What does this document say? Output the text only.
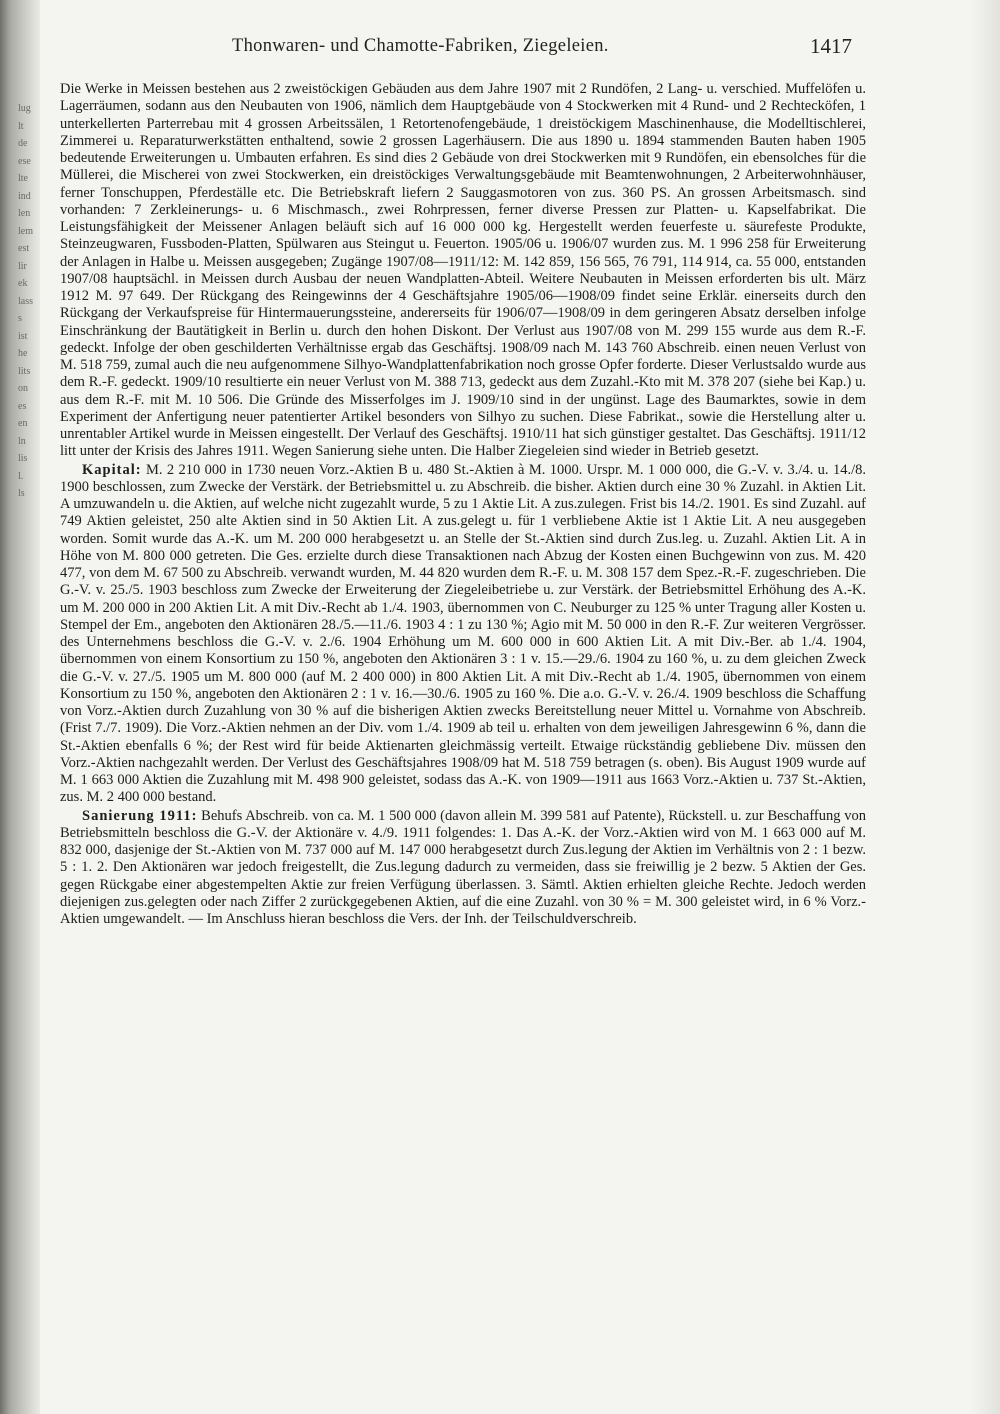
lug
lt
de
ese
lte
ind
len
lem
est
lir
ek
lass
s
ist
he
lits
on
es
en
ln
lis
l.
ls
Thonwaren- und Chamotte-Fabriken, Ziegeleien.	1417

Die Werke in Meissen bestehen aus 2 zweistöckigen Gebäuden aus dem Jahre 1907 mit 2 Rundöfen, 2 Lang- u. verschied. Muffelöfen u. Lagerräumen, sodann aus den Neubauten von 1906, nämlich dem Hauptgebäude von 4 Stockwerken mit 4 Rund- und 2 Rechtecköfen, 1 unterkellerten Parterrebau mit 4 grossen Arbeitssälen, 1 Retortenofengebäude, 1 dreistöckigem Maschinenhause, die Modelltischlerei, Zimmerei u. Reparaturwerkstätten enthaltend, sowie 2 grossen Lagerhäusern. Die aus 1890 u. 1894 stammenden Bauten haben 1905 bedeutende Erweiterungen u. Umbauten erfahren. Es sind dies 2 Gebäude von drei Stockwerken mit 9 Rundöfen, ein ebensolches für die Müllerei, die Mischerei von zwei Stockwerken, ein dreistöckiges Verwaltungsgebäude mit Beamtenwohnungen, 2 Arbeiterwohnhäuser, ferner Tonschuppen, Pferdeställe etc. Die Betriebskraft liefern 2 Sauggasmotoren von zus. 360 PS. An grossen Arbeitsmasch. sind vorhanden: 7 Zerkleinerungs- u. 6 Mischmasch., zwei Rohrpressen, ferner diverse Pressen zur Platten- u. Kapselfabrikat. Die Leistungsfähigkeit der Meissener Anlagen beläuft sich auf 16 000 000 kg. Hergestellt werden feuerfeste u. säurefeste Produkte, Steinzeugwaren, Fussboden-Platten, Spülwaren aus Steingut u. Feuerton. 1905/06 u. 1906/07 wurden zus. M. 1 996 258 für Erweiterung der Anlagen in Halbe u. Meissen ausgegeben; Zugänge 1907/08—1911/12: M. 142 859, 156 565, 76 791, 114 914, ca. 55 000, entstanden 1907/08 hauptsächl. in Meissen durch Ausbau der neuen Wandplatten-Abteil. Weitere Neubauten in Meissen erforderten bis ult. März 1912 M. 97 649. Der Rückgang des Reingewinns der 4 Geschäftsjahre 1905/06—1908/09 findet seine Erklär. einerseits durch den Rückgang der Verkaufspreise für Hintermauerungssteine, andererseits für 1906/07—1908/09 in dem geringeren Absatz derselben infolge Einschränkung der Bautätigkeit in Berlin u. durch den hohen Diskont. Der Verlust aus 1907/08 von M. 299 155 wurde aus dem R.-F. gedeckt. Infolge der oben geschilderten Verhältnisse ergab das Geschäftsj. 1908/09 nach M. 143 760 Abschreib. einen neuen Verlust von M. 518 759, zumal auch die neu aufgenommene Silhyo-Wandplattenfabrikation noch grosse Opfer forderte. Dieser Verlustsaldo wurde aus dem R.-F. gedeckt. 1909/10 resultierte ein neuer Verlust von M. 388 713, gedeckt aus dem Zuzahl.-Kto mit M. 378 207 (siehe bei Kap.) u. aus dem R.-F. mit M. 10 506. Die Gründe des Misserfolges im J. 1909/10 sind in der ungünst. Lage des Baumarktes, sowie in dem Experiment der Anfertigung neuer patentierter Artikel besonders von Silhyo zu suchen. Diese Fabrikat., sowie die Herstellung alter u. unrentabler Artikel wurde in Meissen eingestellt. Der Verlauf des Geschäftsj. 1910/11 hat sich günstiger gestaltet. Das Geschäftsj. 1911/12 litt unter der Krisis des Jahres 1911. Wegen Sanierung siehe unten. Die Halber Ziegeleien sind wieder in Betrieb gesetzt.

Kapital: M. 2 210 000 in 1730 neuen Vorz.-Aktien B u. 480 St.-Aktien à M. 1000. Urspr. M. 1 000 000, die G.-V. v. 3./4. u. 14./8. 1900 beschlossen, zum Zwecke der Verstärk. der Betriebsmittel u. zu Abschreib. die bisher. Aktien durch eine 30 % Zuzahl. in Aktien Lit. A umzuwandeln u. die Aktien, auf welche nicht zugezahlt wurde, 5 zu 1 Aktie Lit. A zus.zulegen. Frist bis 14./2. 1901. Es sind Zuzahl. auf 749 Aktien geleistet, 250 alte Aktien sind in 50 Aktien Lit. A zus.gelegt u. für 1 verbliebene Aktie ist 1 Aktie Lit. A neu ausgegeben worden. Somit wurde das A.-K. um M. 200 000 herabgesetzt u. an Stelle der St.-Aktien sind durch Zus.leg. u. Zuzahl. Aktien Lit. A in Höhe von M. 800 000 getreten. Die Ges. erzielte durch diese Transaktionen nach Abzug der Kosten einen Buchgewinn von zus. M. 420 477, von dem M. 67 500 zu Abschreib. verwandt wurden, M. 44 820 wurden dem R.-F. u. M. 308 157 dem Spez.-R.-F. zugeschrieben. Die G.-V. v. 25./5. 1903 beschloss zum Zwecke der Erweiterung der Ziegeleibetriebe u. zur Verstärk. der Betriebsmittel Erhöhung des A.-K. um M. 200 000 in 200 Aktien Lit. A mit Div.-Recht ab 1./4. 1903, übernommen von C. Neuburger zu 125 % unter Tragung aller Kosten u. Stempel der Em., angeboten den Aktionären 28./5.—11./6. 1903 4 : 1 zu 130 %; Agio mit M. 50 000 in den R.-F. Zur weiteren Vergrösser. des Unternehmens beschloss die G.-V. v. 2./6. 1904 Erhöhung um M. 600 000 in 600 Aktien Lit. A mit Div.-Ber. ab 1./4. 1904, übernommen von einem Konsortium zu 150 %, angeboten den Aktionären 3 : 1 v. 15.—29./6. 1904 zu 160 %, u. zu dem gleichen Zweck die G.-V. v. 27./5. 1905 um M. 800 000 (auf M. 2 400 000) in 800 Aktien Lit. A mit Div.-Recht ab 1./4. 1905, übernommen von einem Konsortium zu 150 %, angeboten den Aktionären 2 : 1 v. 16.—30./6. 1905 zu 160 %. Die a.o. G.-V. v. 26./4. 1909 beschloss die Schaffung von Vorz.-Aktien durch Zuzahlung von 30 % auf die bisherigen Aktien zwecks Bereitstellung neuer Mittel u. Vornahme von Abschreib. (Frist 7./7. 1909). Die Vorz.-Aktien nehmen an der Div. vom 1./4. 1909 ab teil u. erhalten von dem jeweiligen Jahresgewinn 6 %, dann die St.-Aktien ebenfalls 6 %; der Rest wird für beide Aktienarten gleichmässig verteilt. Etwaige rückständig gebliebene Div. müssen den Vorz.-Aktien nachgezahlt werden. Der Verlust des Geschäftsjahres 1908/09 hat M. 518 759 betragen (s. oben). Bis August 1909 wurde auf M. 1 663 000 Aktien die Zuzahlung mit M. 498 900 geleistet, sodass das A.-K. von 1909—1911 aus 1663 Vorz.-Aktien u. 737 St.-Aktien, zus. M. 2 400 000 bestand.

Sanierung 1911: Behufs Abschreib. von ca. M. 1 500 000 (davon allein M. 399 581 auf Patente), Rückstell. u. zur Beschaffung von Betriebsmitteln beschloss die G.-V. der Aktionäre v. 4./9. 1911 folgendes: 1. Das A.-K. der Vorz.-Aktien wird von M. 1 663 000 auf M. 832 000, dasjenige der St.-Aktien von M. 737 000 auf M. 147 000 herabgesetzt durch Zus.legung der Aktien im Verhältnis von 2 : 1 bezw. 5 : 1. 2. Den Aktionären war jedoch freigestellt, die Zus.legung dadurch zu vermeiden, dass sie freiwillig je 2 bezw. 5 Aktien der Ges. gegen Rückgabe einer abgestempelten Aktie zur freien Verfügung überlassen. 3. Sämtl. Aktien erhielten gleiche Rechte. Jedoch werden diejenigen zus.gelegten oder nach Ziffer 2 zurückgegebenen Aktien, auf die eine Zuzahl. von 30 % = M. 300 geleistet wird, in 6 % Vorz.-Aktien umgewandelt. — Im Anschluss hieran beschloss die Vers. der Inh. der Teilschuldverschreib.
